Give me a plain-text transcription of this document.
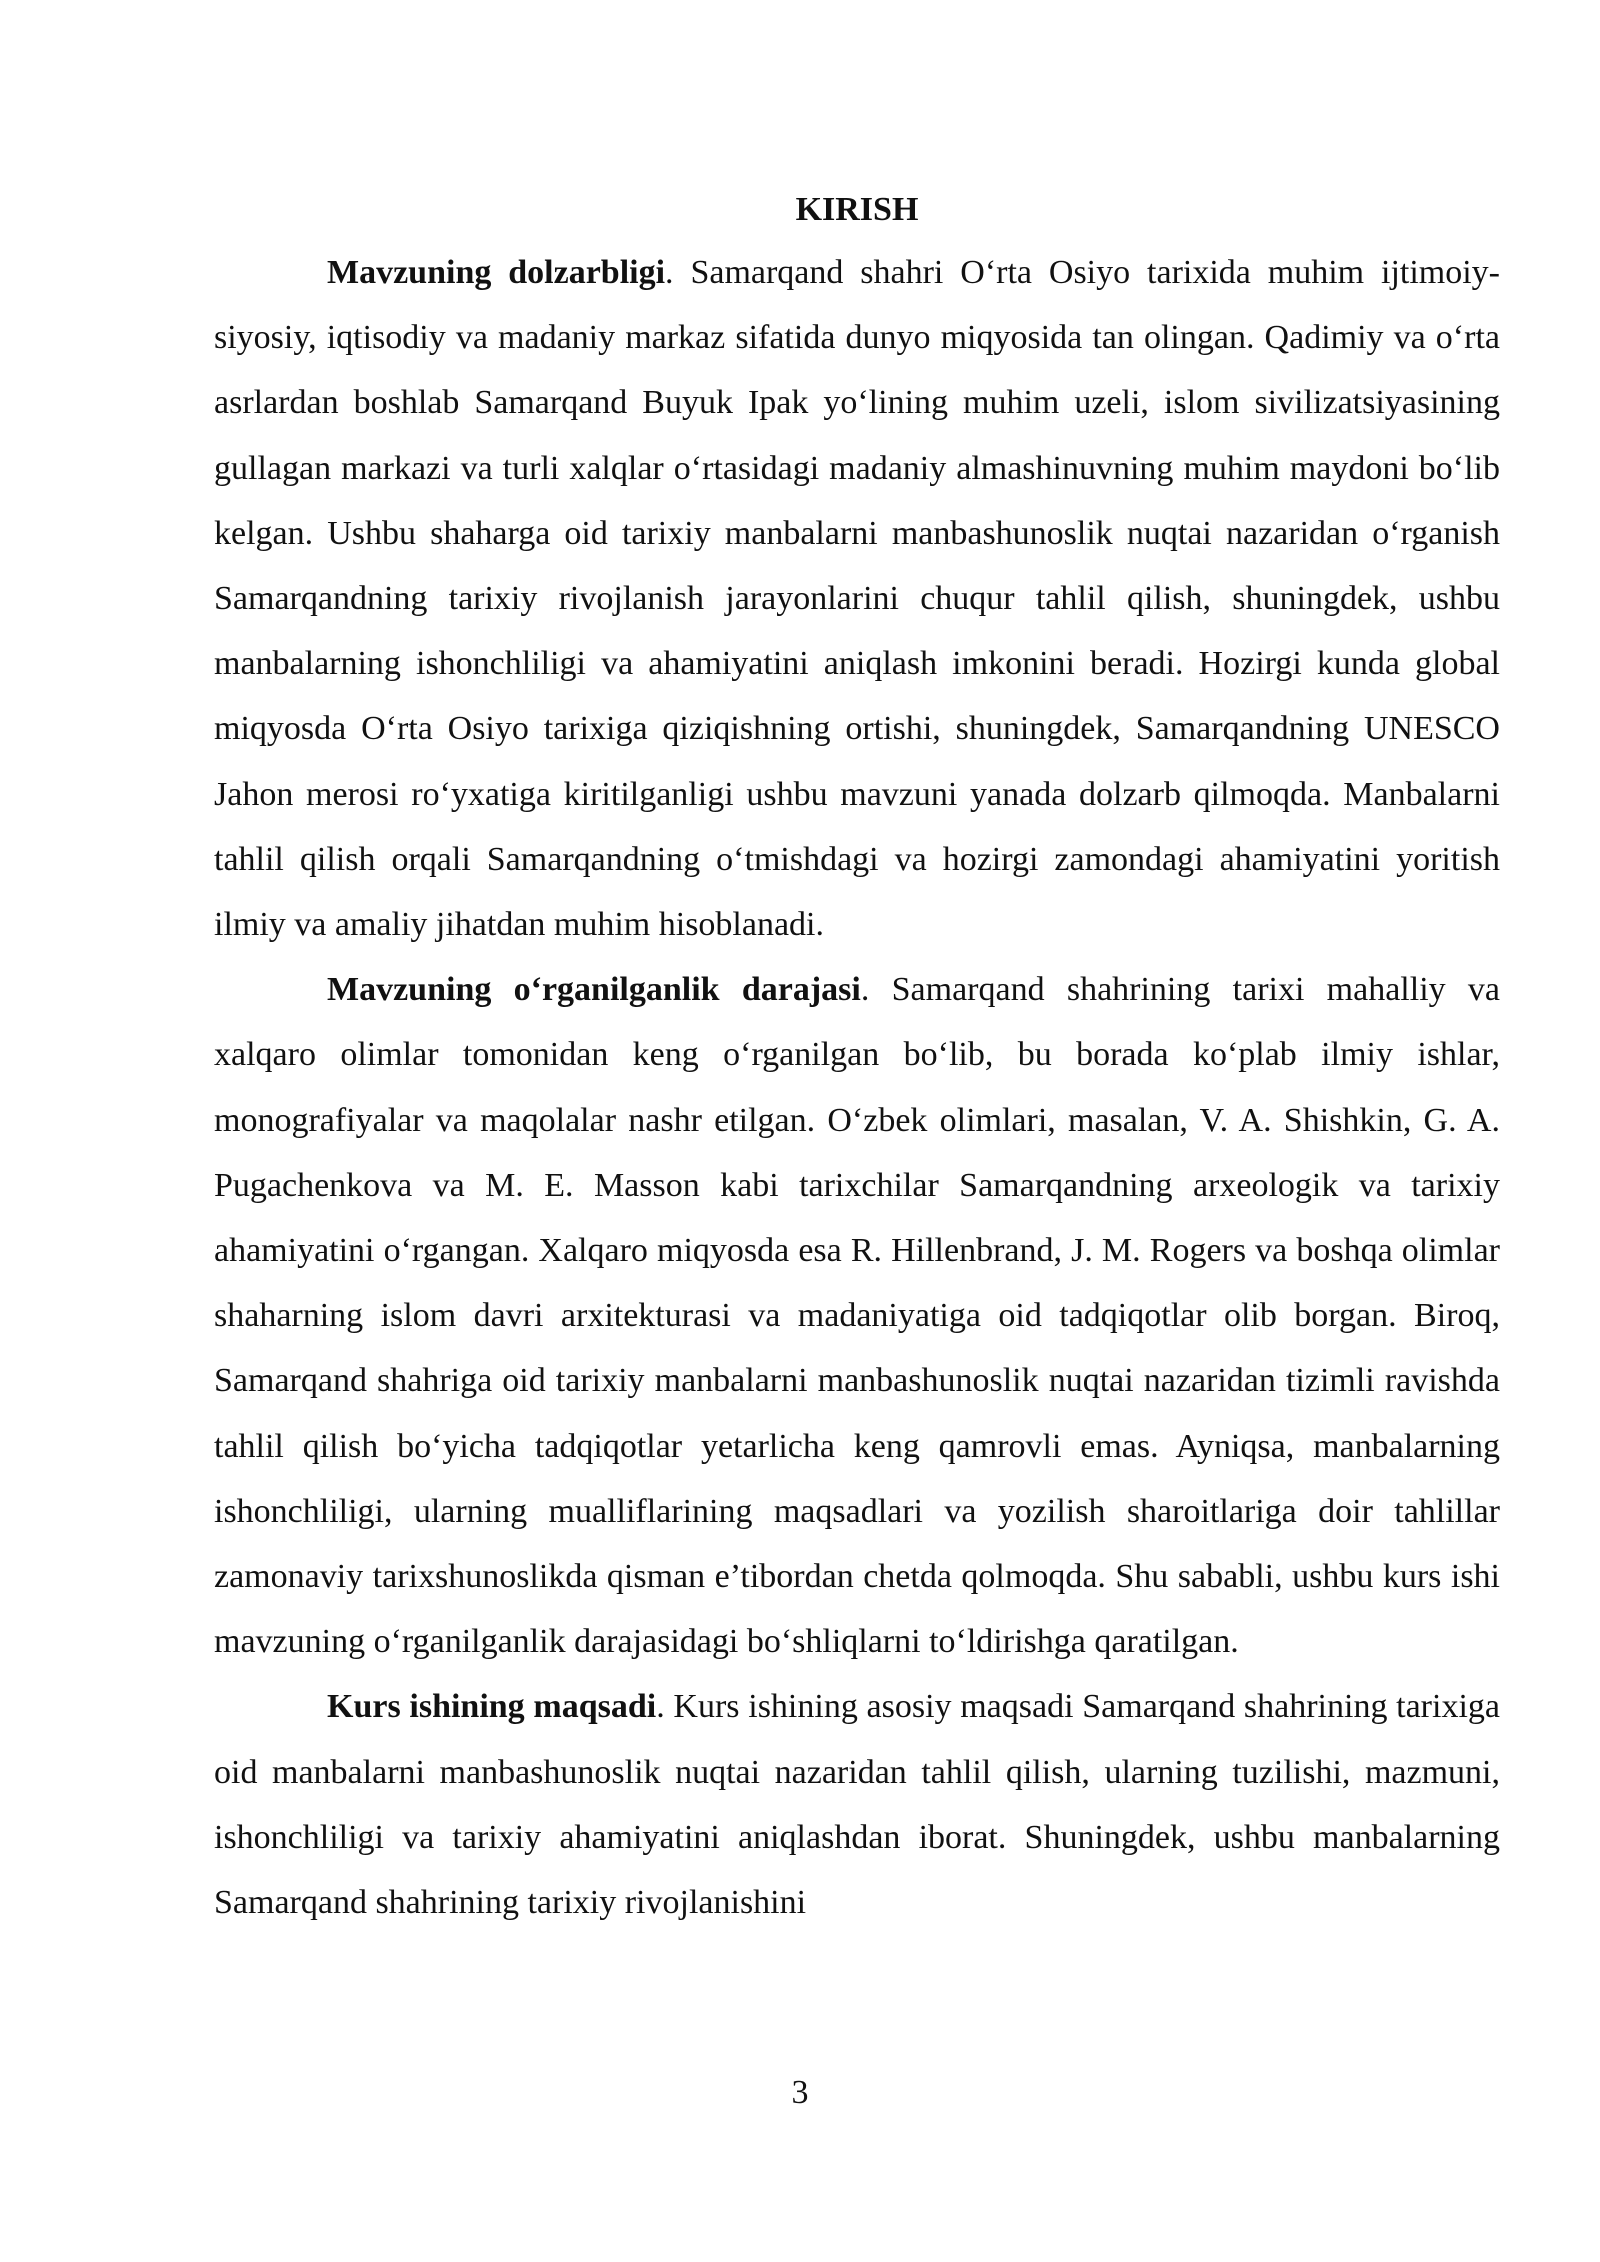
KIRISH

Mavzuning dolzarbligi. Samarqand shahri O‘rta Osiyo tarixida muhim ijtimoiy-siyosiy, iqtisodiy va madaniy markaz sifatida dunyo miqyosida tan olingan. Qadimiy va o‘rta asrlardan boshlab Samarqand Buyuk Ipak yo‘lining muhim uzeli, islom sivilizatsiyasining gullagan markazi va turli xalqlar o‘rtasidagi madaniy almashinuvning muhim maydoni bo‘lib kelgan. Ushbu shaharga oid tarixiy manbalarni manbashunoslik nuqtai nazaridan o‘rganish Samarqandning tarixiy rivojlanish jarayonlarini chuqur tahlil qilish, shuningdek, ushbu manbalarning ishonchliligi va ahamiyatini aniqlash imkonini beradi. Hozirgi kunda global miqyosda O‘rta Osiyo tarixiga qiziqishning ortishi, shuningdek, Samarqandning UNESCO Jahon merosi ro‘yxatiga kiritilganligi ushbu mavzuni yanada dolzarb qilmoqda. Manbalarni tahlil qilish orqali Samarqandning o‘tmishdagi va hozirgi zamondagi ahamiyatini yoritish ilmiy va amaliy jihatdan muhim hisoblanadi.

Mavzuning o‘rganilganlik darajasi. Samarqand shahrining tarixi mahalliy va xalqaro olimlar tomonidan keng o‘rganilgan bo‘lib, bu borada ko‘plab ilmiy ishlar, monografiyalar va maqolalar nashr etilgan. O‘zbek olimlari, masalan, V. A. Shishkin, G. A. Pugachenkova va M. E. Masson kabi tarixchilar Samarqandning arxeologik va tarixiy ahamiyatini o‘rgangan. Xalqaro miqyosda esa R. Hillenbrand, J. M. Rogers va boshqa olimlar shaharning islom davri arxitekturasi va madaniyatiga oid tadqiqotlar olib borgan. Biroq, Samarqand shahriga oid tarixiy manbalarni manbashunoslik nuqtai nazaridan tizimli ravishda tahlil qilish bo‘yicha tadqiqotlar yetarlicha keng qamrovli emas. Ayniqsa, manbalarning ishonchliligi, ularning mualliflarining maqsadlari va yozilish sharoitlariga doir tahlillar zamonaviy tarixshunoslikda qisman e’tibordan chetda qolmoqda. Shu sababli, ushbu kurs ishi mavzuning o‘rganilganlik darajasidagi bo‘shliqlarni to‘ldirishga qaratilgan.

Kurs ishining maqsadi. Kurs ishining asosiy maqsadi Samarqand shahrining tarixiga oid manbalarni manbashunoslik nuqtai nazaridan tahlil qilish, ularning tuzilishi, mazmuni, ishonchliligi va tarixiy ahamiyatini aniqlashdan iborat. Shuningdek, ushbu manbalarning Samarqand shahrining tarixiy rivojlanishini

3
